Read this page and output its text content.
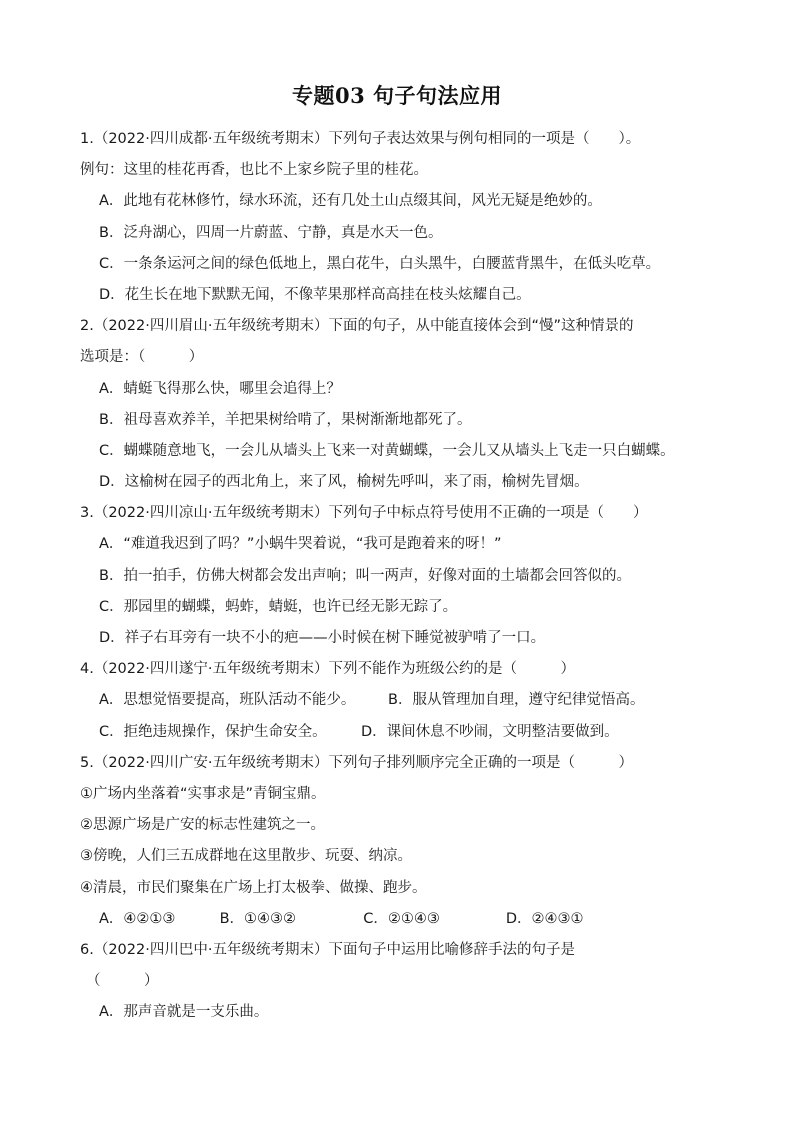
专题03 句子句法应用
1.（2022·四川成都·五年级统考期末）下列句子表达效果与例句相同的一项是（　　）。
例句：这里的桂花再香，也比不上家乡院子里的桂花。
A．此地有花林修竹，绿水环流，还有几处土山点缀其间，风光无疑是绝妙的。
B．泛舟湖心，四周一片蔚蓝、宁静，真是水天一色。
C．一条条运河之间的绿色低地上，黑白花牛，白头黑牛，白腰蓝背黑牛，在低头吃草。
D．花生长在地下默默无闻，不像苹果那样高高挂在枝头炫耀自己。
2.（2022·四川眉山·五年级统考期末）下面的句子，从中能直接体会到“慢”这种情景的
选项是：（　　　）
A．蜻蜓飞得那么快，哪里会追得上？
B．祖母喜欢养羊，羊把果树给啃了，果树渐渐地都死了。
C．蝴蝶随意地飞，一会儿从墙头上飞来一对黄蝴蝶，一会儿又从墙头上飞走一只白蝴蝶。
D．这榆树在园子的西北角上，来了风，榆树先呼叫，来了雨，榆树先冒烟。
3.（2022·四川凉山·五年级统考期末）下列句子中标点符号使用不正确的一项是（　　）
A．“难道我迟到了吗？”小蜗牛哭着说，“我可是跑着来的呀！”
B．拍一拍手，仿佛大树都会发出声响；叫一两声，好像对面的土墙都会回答似的。
C．那园里的蝴蝶，蚂蚱，蜻蜓，也许已经无影无踪了。
D．祥子右耳旁有一块不小的疤——小时候在树下睡觉被驴啃了一口。
4.（2022·四川遂宁·五年级统考期末）下列不能作为班级公约的是（　　　）
A．思想觉悟要提高，班队活动不能少。	B．服从管理加自理，遵守纪律觉悟高。
C．拒绝违规操作，保护生命安全。	D．课间休息不吵闹，文明整洁要做到。
5.（2022·四川广安·五年级统考期末）下列句子排列顺序完全正确的一项是（　　　）
①广场内坐落着“实事求是”青铜宝鼎。
②思源广场是广安的标志性建筑之一。
③傍晚，人们三五成群地在这里散步、玩耍、纳凉。
④清晨，市民们聚集在广场上打太极拳、做操、跑步。
A．④②①③	B．①④③②	C．②①④③	D．②④③①
6.（2022·四川巴中·五年级统考期末）下面句子中运用比喻修辞手法的句子是
（　　　）
A．那声音就是一支乐曲。
